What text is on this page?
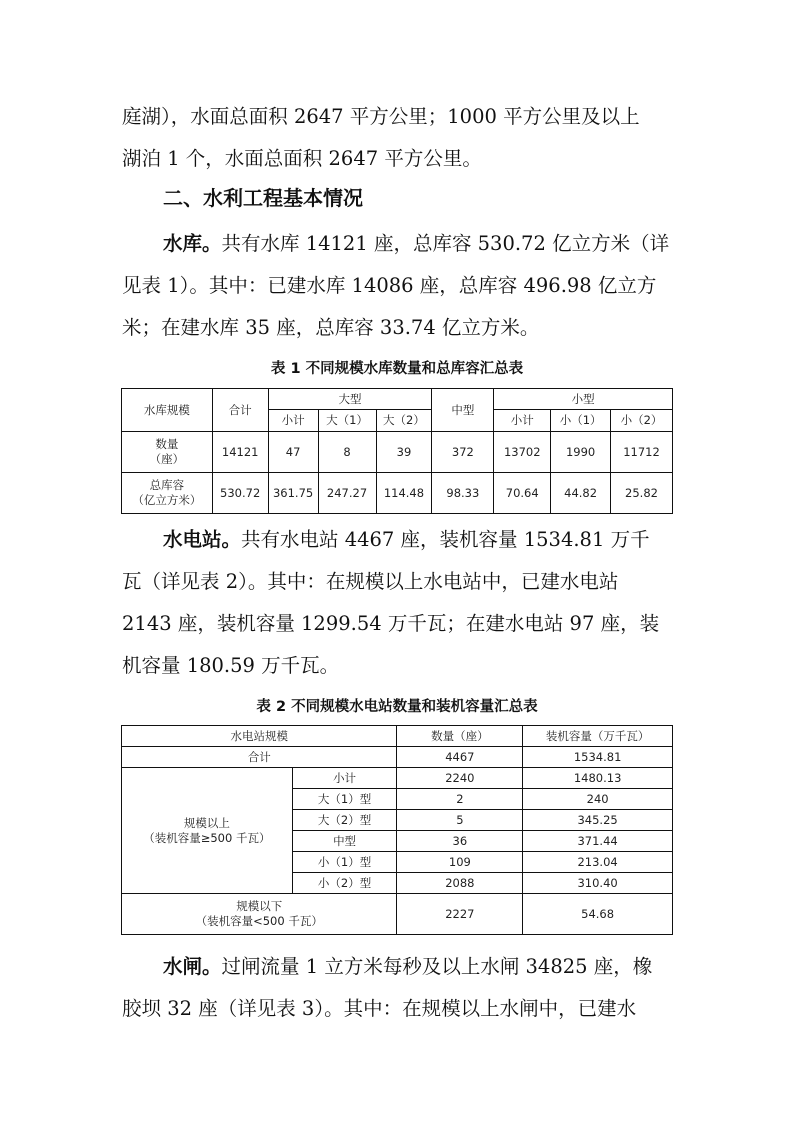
庭湖），水面总面积 2647 平方公里；1000 平方公里及以上

湖泊 1 个，水面总面积 2647 平方公里。

二、水利工程基本情况

水库。共有水库 14121 座，总库容 530.72 亿立方米（详

见表 1）。其中：已建水库 14086 座，总库容 496.98 亿立方

米；在建水库 35 座，总库容 33.74 亿立方米。

表 1 不同规模水库数量和总库容汇总表
水库规模	合计	大型			中型	小型		
		小计	大（1）	大（2）		小计	小（1）	小（2）

数量
（座）	14121	47	8	39	372	13702	1990	11712

总库容
（亿立方米）	530.72	361.75	247.27	114.48	98.33	70.64	44.82	25.82

水电站。共有水电站 4467 座，装机容量 1534.81 万千

瓦（详见表 2）。其中：在规模以上水电站中，已建水电站

2143 座，装机容量 1299.54 万千瓦；在建水电站 97 座，装

机容量 180.59 万千瓦。

表 2 不同规模水电站数量和装机容量汇总表
水电站规模		数量（座）	装机容量（万千瓦）
合计		4467	1534.81

规模以上
（装机容量≥500 千瓦）	小计	2240	1480.13
	大（1）型	2	240
	大（2）型	5	345.25
	中型	36	371.44
	小（1）型	109	213.04
	小（2）型	2088	310.40

规模以下
（装机容量<500 千瓦）		2227	54.68

水闸。过闸流量 1 立方米每秒及以上水闸 34825 座，橡

胶坝 32 座（详见表 3）。其中：在规模以上水闸中，已建水
